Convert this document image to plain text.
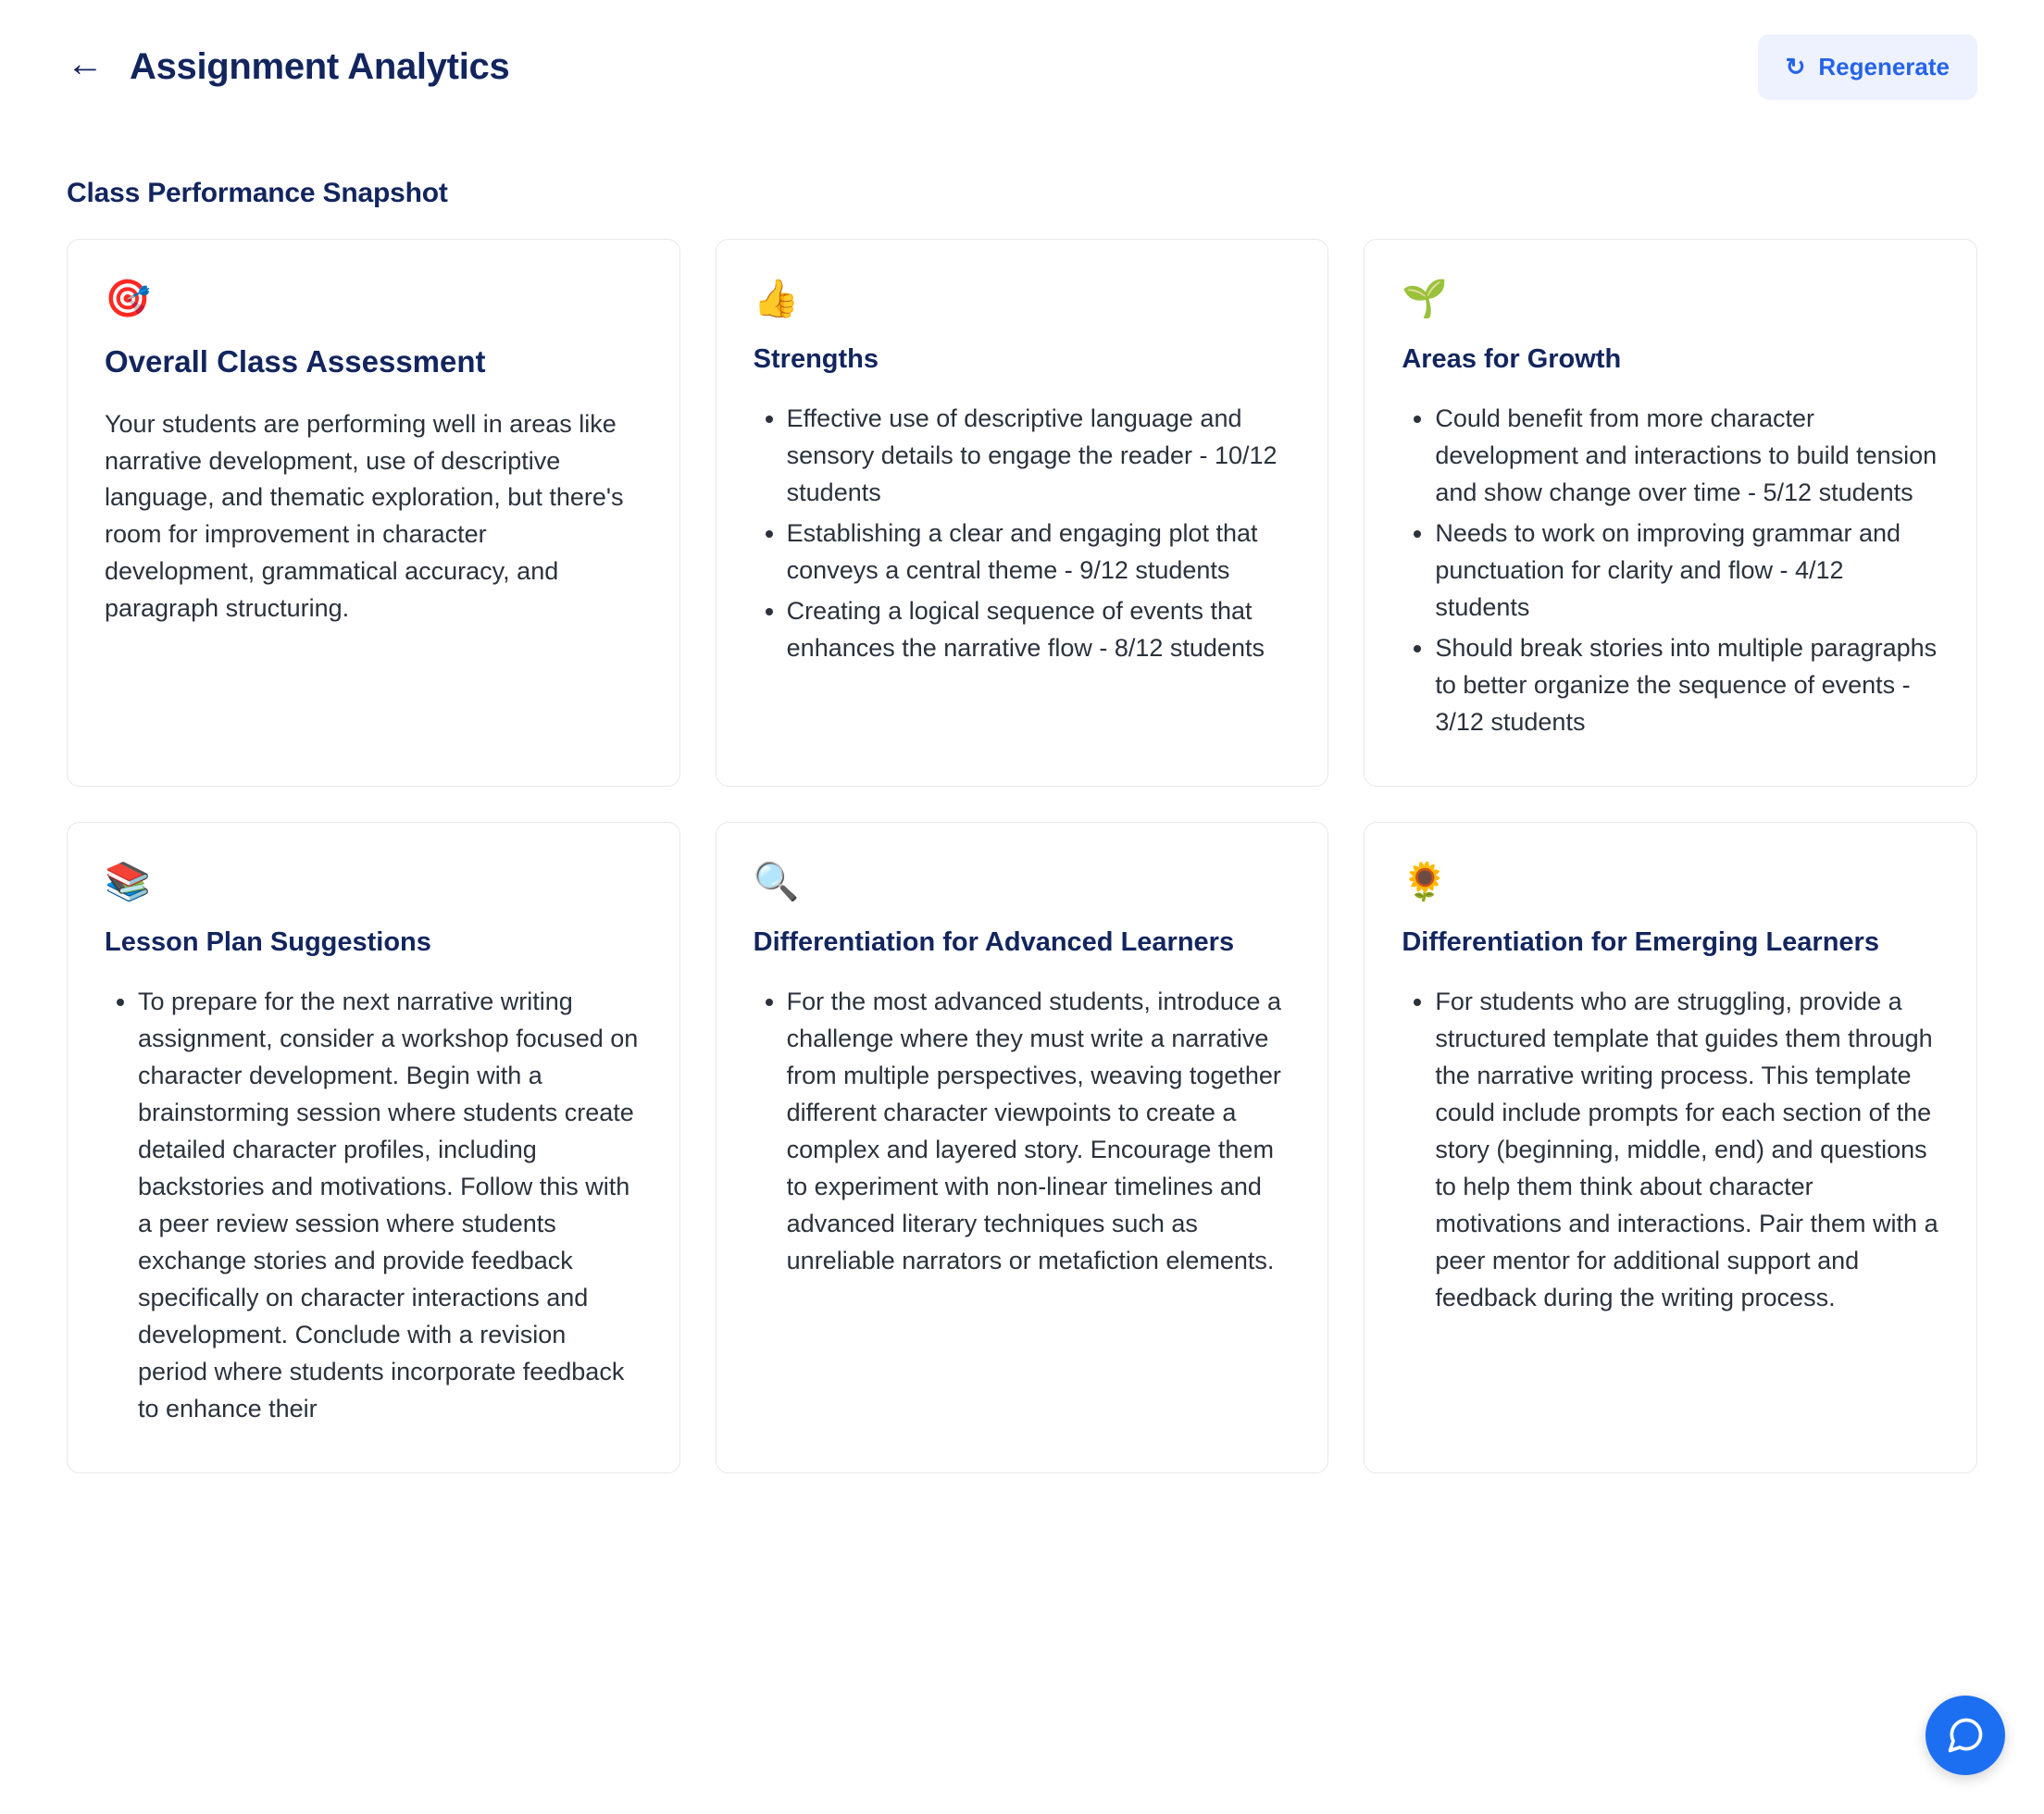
← Assignment Analytics	↻ Regenerate
Class Performance Snapshot
🎯
Overall Class Assessment
Your students are performing well in areas like narrative development, use of descriptive language, and thematic exploration, but there's room for improvement in character development, grammatical accuracy, and paragraph structuring.
👍
Strengths
• Effective use of descriptive language and sensory details to engage the reader - 10/12 students
• Establishing a clear and engaging plot that conveys a central theme - 9/12 students
• Creating a logical sequence of events that enhances the narrative flow - 8/12 students
🌱
Areas for Growth
• Could benefit from more character development and interactions to build tension and show change over time - 5/12 students
• Needs to work on improving grammar and punctuation for clarity and flow - 4/12 students
• Should break stories into multiple paragraphs to better organize the sequence of events - 3/12 students
📚
Lesson Plan Suggestions
• To prepare for the next narrative writing assignment, consider a workshop focused on character development. Begin with a brainstorming session where students create detailed character profiles, including backstories and motivations. Follow this with a peer review session where students exchange stories and provide feedback specifically on character interactions and development. Conclude with a revision period where students incorporate feedback to enhance their
🔍
Differentiation for Advanced Learners
• For the most advanced students, introduce a challenge where they must write a narrative from multiple perspectives, weaving together different character viewpoints to create a complex and layered story. Encourage them to experiment with non-linear timelines and advanced literary techniques such as unreliable narrators or metafiction elements.
🌻
Differentiation for Emerging Learners
• For students who are struggling, provide a structured template that guides them through the narrative writing process. This template could include prompts for each section of the story (beginning, middle, end) and questions to help them think about character motivations and interactions. Pair them with a peer mentor for additional support and feedback during the writing process.
